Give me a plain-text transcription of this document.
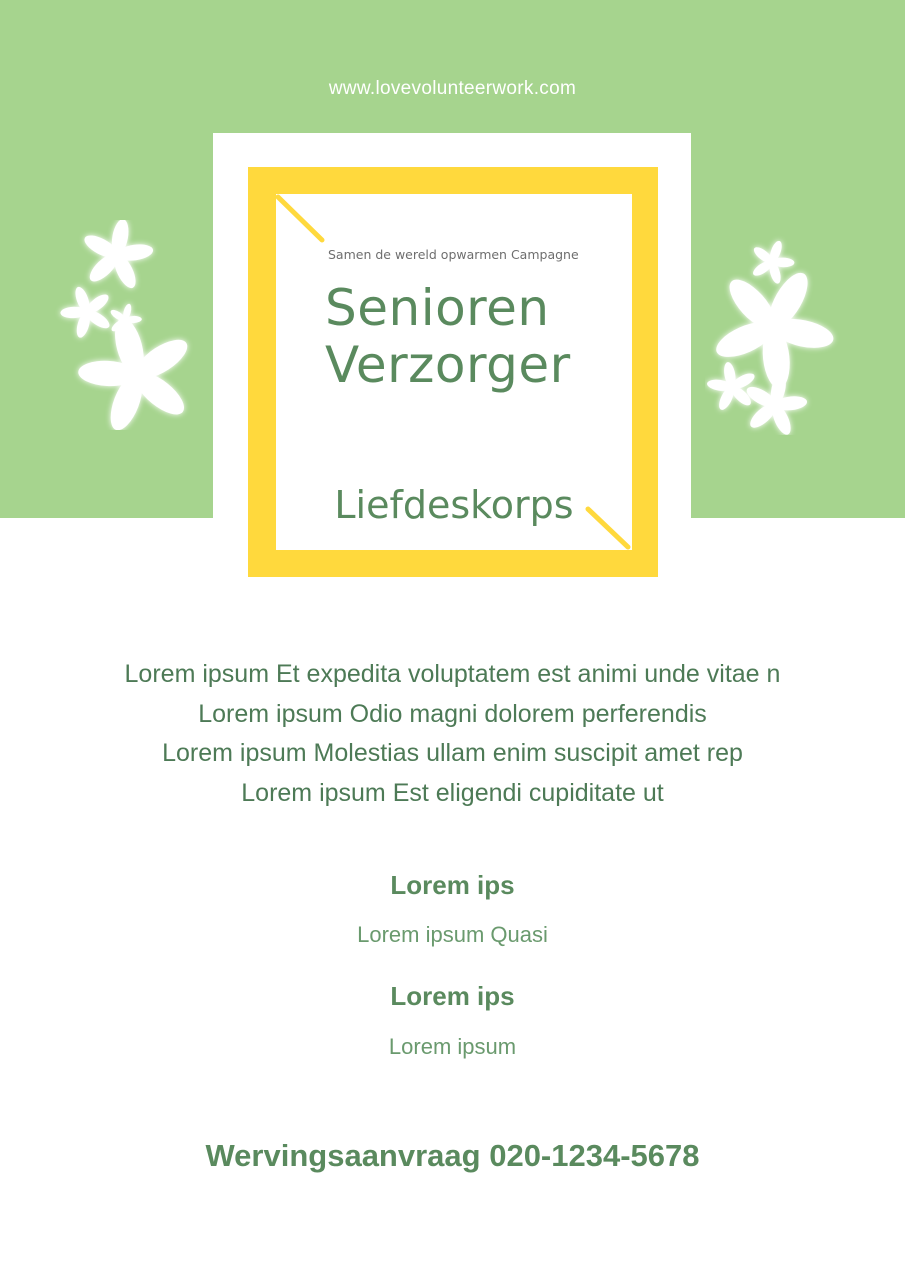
www.lovevolunteerwork.com
Samen de wereld opwarmen Campagne
Senioren
Verzorger
Liefdeskorps
Lorem ipsum Et expedita voluptatem est animi unde vitae n
Lorem ipsum Odio magni dolorem perferendis
Lorem ipsum Molestias ullam enim suscipit amet rep
Lorem ipsum Est eligendi cupiditate ut
Lorem ips
Lorem ipsum Quasi
Lorem ips
Lorem ipsum
Wervingsaanvraag 020-1234-5678
